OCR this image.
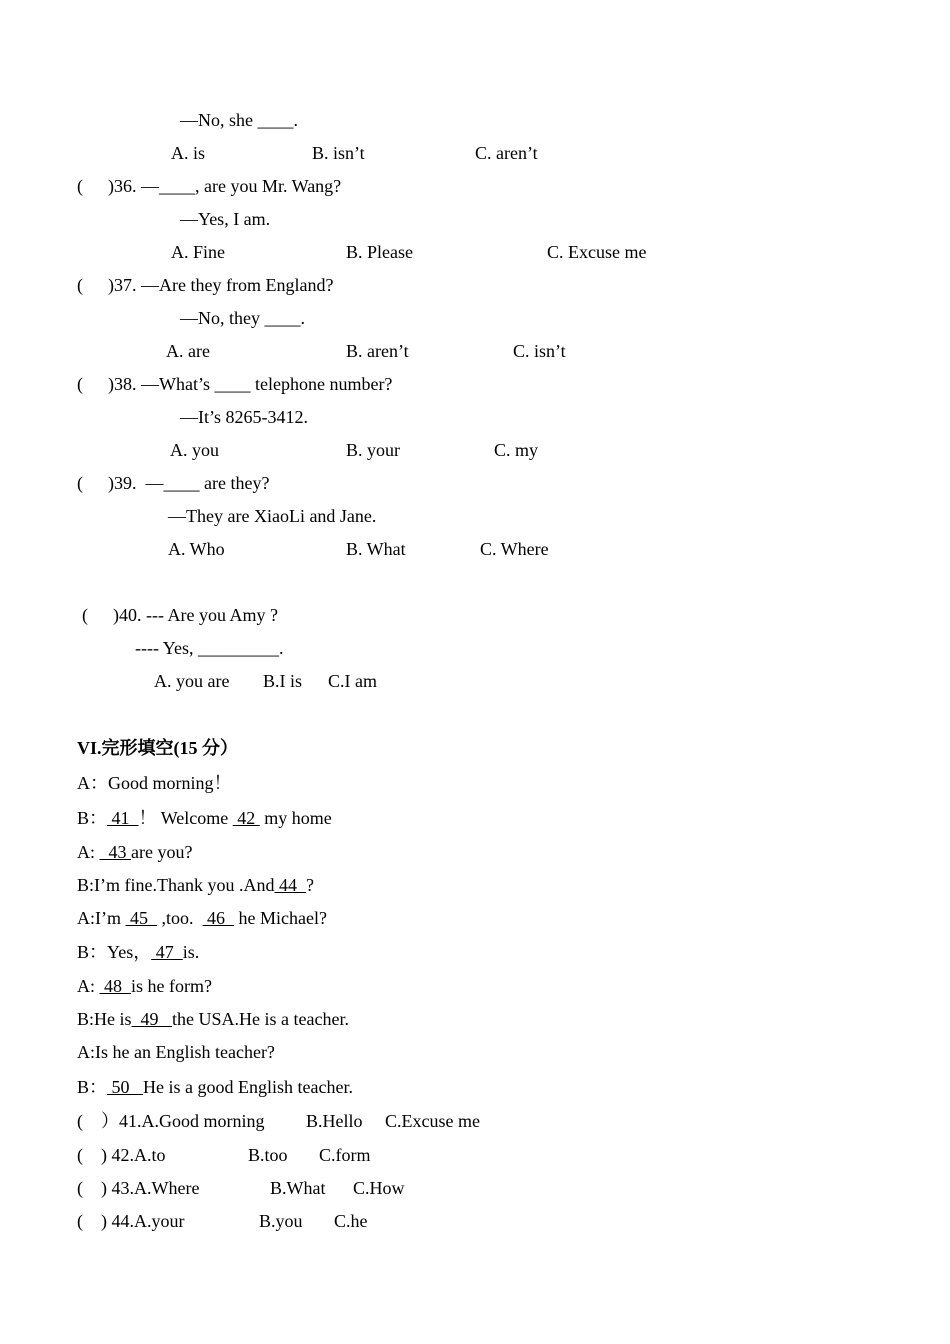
—No, she ____.
A. is	B. isn’t	C. aren’t
( )36. —____, are you Mr. Wang?
—Yes, I am.
A. Fine	B. Please	C. Excuse me
( )37. —Are they from England?
—No, they ____.
A. are	B. aren’t	C. isn’t
( )38. —What’s ____ telephone number?
—It’s 8265-3412.
A. you	B. your	C. my
( )39.  —____ are they?
—They are XiaoLi and Jane.
A. Who	B. What	C. Where
( )40. --- Are you Amy ?
---- Yes, _________.
A. you are B.I is C.I am
VI.完形填空(15 分）
A：Good morning！
B： 41  ！ Welcome  42  my home
A:   43 are you?
B:I’m fine.Thank you .And 44  ?
A:I’m  45   ,too.   46   he Michael?
B：Yes， 47  is.
A:  48  is he form?
B:He is  49   the USA.He is a teacher.
A:Is he an English teacher?
B： 50   He is a good English teacher.
(    ）41.A.Good morning B.Hello C.Excuse me
(    ) 42.A.to	B.too C.form
(    ) 43.A.Where	B.What C.How
(    ) 44.A.your	B.you C.he
